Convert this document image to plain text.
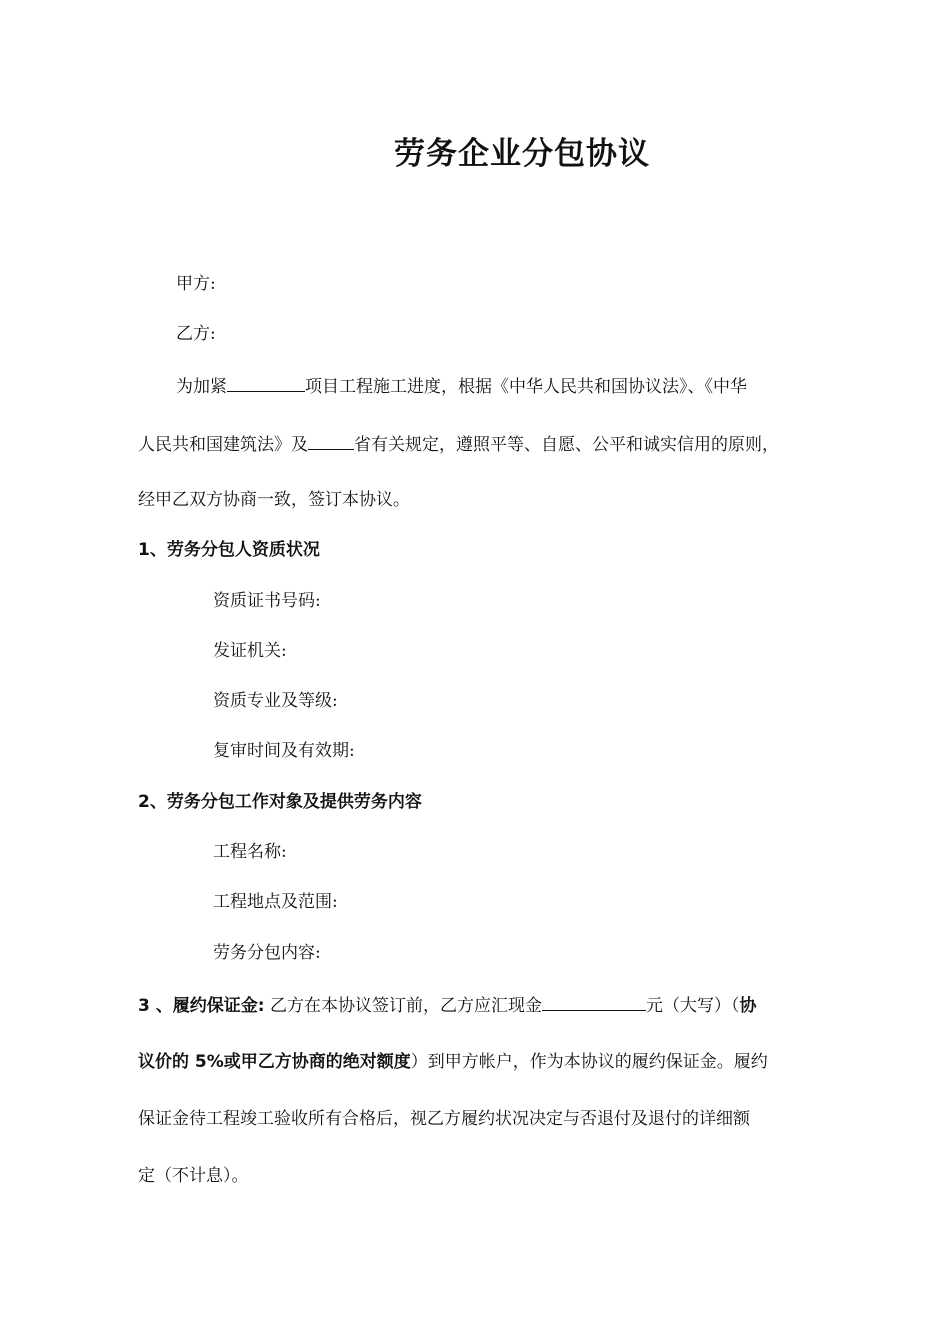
劳务企业分包协议

甲方:

乙方:

为加紧	项目工程施工进度，根据《中华人民共和国协议法》、《中华

人民共和国建筑法》及	省有关规定，遵照平等、自愿、公平和诚实信用的原则，

经甲乙双方协商一致，签订本协议。

1、劳务分包人资质状况

资质证书号码:

发证机关:

资质专业及等级:

复审时间及有效期:

2、劳务分包工作对象及提供劳务内容

工程名称:

工程地点及范围:

劳务分包内容:

3 、履约保证金: 乙方在本协议签订前，乙方应汇现金	元（大写）（协

议价的 5%或甲乙方协商的绝对额度）到甲方帐户，作为本协议的履约保证金。履约

保证金待工程竣工验收所有合格后，视乙方履约状况决定与否退付及退付的详细额

定（不计息）。
